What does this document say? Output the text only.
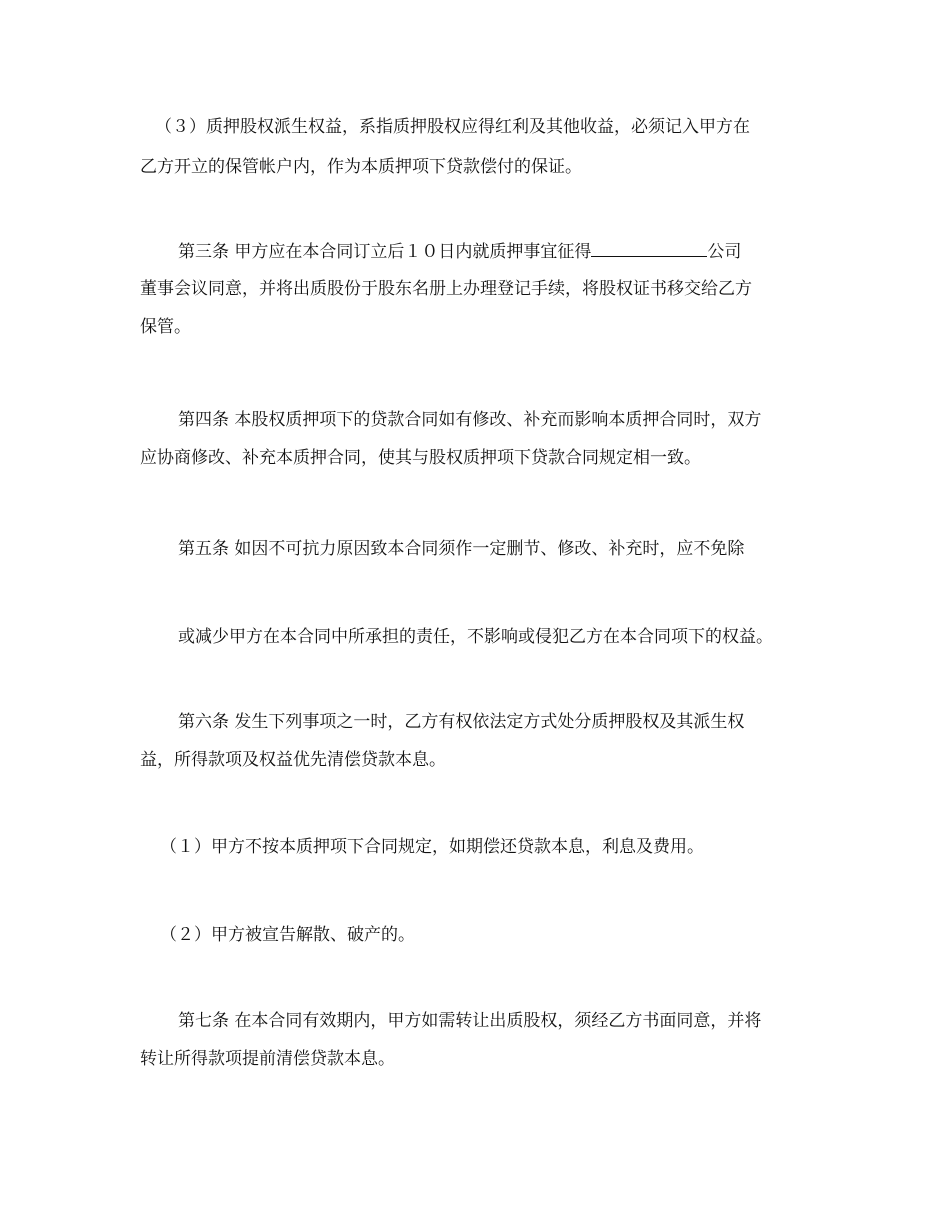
（３）质押股权派生权益，系指质押股权应得红利及其他收益，必须记入甲方在
乙方开立的保管帐户内，作为本质押项下贷款偿付的保证。
第三条 甲方应在本合同订立后１０日内就质押事宜征得	公司
董事会议同意，并将出质股份于股东名册上办理登记手续，将股权证书移交给乙方
保管。
第四条 本股权质押项下的贷款合同如有修改、补充而影响本质押合同时，双方
应协商修改、补充本质押合同，使其与股权质押项下贷款合同规定相一致。
第五条 如因不可抗力原因致本合同须作一定删节、修改、补充时，应不免除
或减少甲方在本合同中所承担的责任，不影响或侵犯乙方在本合同项下的权益。
第六条 发生下列事项之一时，乙方有权依法定方式处分质押股权及其派生权
益，所得款项及权益优先清偿贷款本息。
（１）甲方不按本质押项下合同规定，如期偿还贷款本息，利息及费用。
（２）甲方被宣告解散、破产的。
第七条 在本合同有效期内，甲方如需转让出质股权，须经乙方书面同意，并将
转让所得款项提前清偿贷款本息。
